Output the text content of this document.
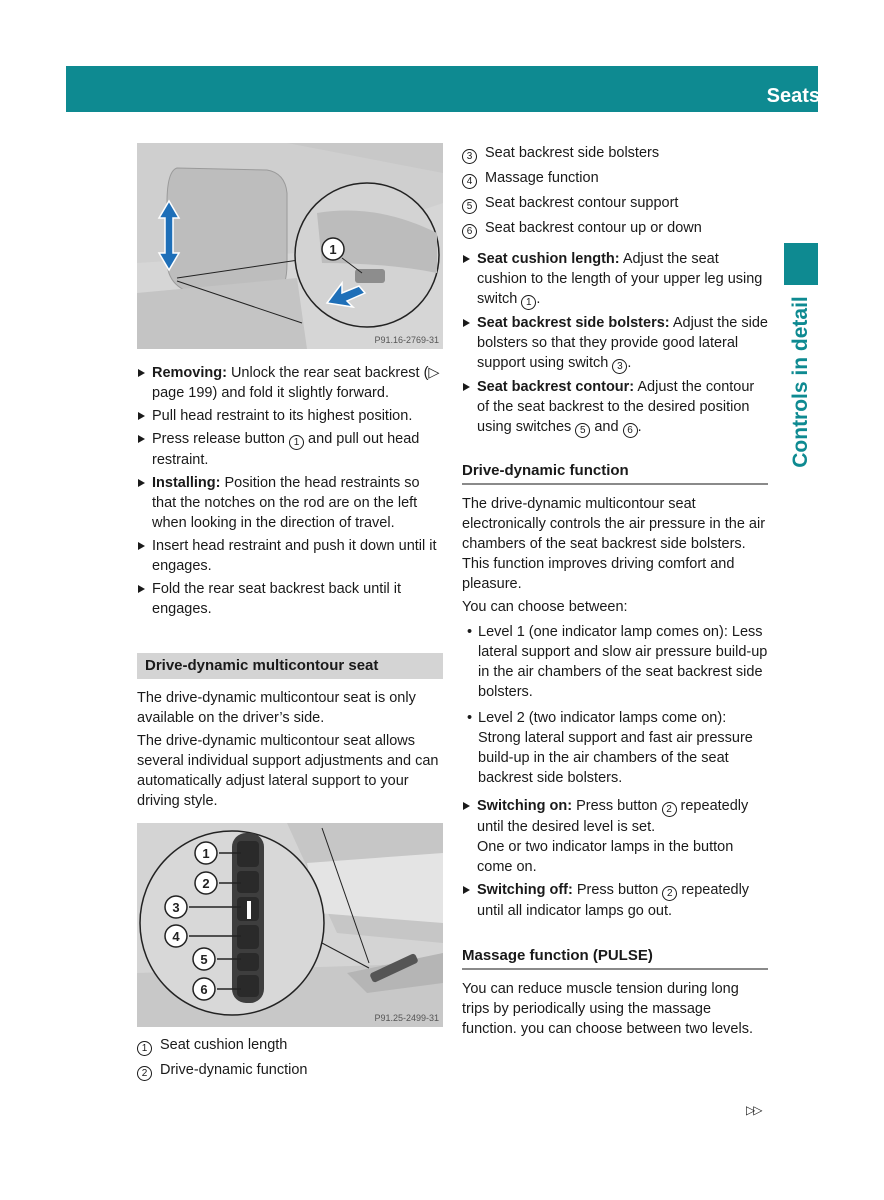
Seats	91
Controls in detail
1
P91.16-2769-31
Removing: Unlock the rear seat backrest (▷ page 199) and fold it slightly forward.
Pull head restraint to its highest position.
Press release button 1 and pull out head restraint.
Installing: Position the head restraints so that the notches on the rod are on the left when looking in the direction of travel.
Insert head restraint and push it down until it engages.
Fold the rear seat backrest back until it engages.
Drive-dynamic multicontour seat
The drive-dynamic multicontour seat is only available on the driver’s side.
The drive-dynamic multicontour seat allows several individual support adjustments and can automatically adjust lateral support to your driving style.
1
2
3
4
5
6
P91.25-2499-31
1 Seat cushion length
2 Drive-dynamic function
3 Seat backrest side bolsters
4 Massage function
5 Seat backrest contour support
6 Seat backrest contour up or down
Seat cushion length: Adjust the seat cushion to the length of your upper leg using switch 1 .
Seat backrest side bolsters: Adjust the side bolsters so that they provide good lateral support using switch 3 .
Seat backrest contour: Adjust the contour of the seat backrest to the desired position using switches 5 and 6 .
Drive-dynamic function
The drive-dynamic multicontour seat electronically controls the air pressure in the air chambers of the seat backrest side bolsters. This function improves driving comfort and pleasure.
You can choose between:
• Level 1 (one indicator lamp comes on): Less lateral support and slow air pressure build-up in the air chambers of the seat backrest side bolsters.
• Level 2 (two indicator lamps come on): Strong lateral support and fast air pressure build-up in the air chambers of the seat backrest side bolsters.
Switching on: Press button 2 repeatedly until the desired level is set.
One or two indicator lamps in the button come on.
Switching off: Press button 2 repeatedly until all indicator lamps go out.
Massage function (PULSE)
You can reduce muscle tension during long trips by periodically using the massage function. you can choose between two levels.
▷▷
